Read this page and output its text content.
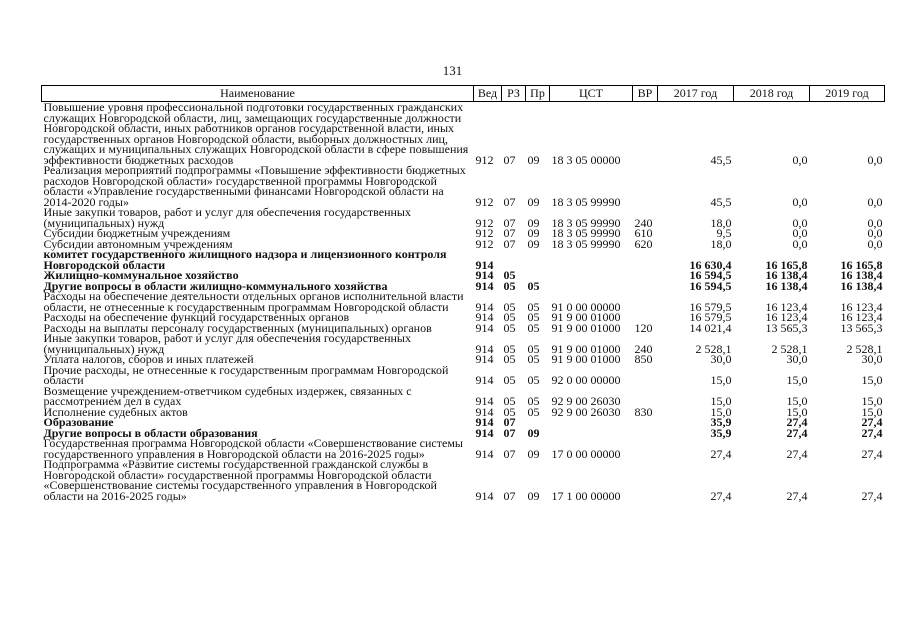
131
Наименование	Вед	РЗ	Пр	ЦСТ	ВР	2017 год	2018 год	2019 год
Повышение уровня профессиональной подготовки государственных гражданских служащих Новгородской области, лиц, замещающих государственные должности Новгородской области, иных работников органов государственной власти, иных государственных органов Новгородской области, выборных должностных лиц, служащих и муниципальных служащих Новгородской области в сфере повышения эффективности бюджетных расходов	912	07	09	18 3 05 00000		45,5	0,0	0,0
Реализация мероприятий подпрограммы «Повышение эффективности бюджетных расходов Новгородской области» государственной программы Новгородской области «Управление государственными финансами Новгородской области на 2014-2020 годы»	912	07	09	18 3 05 99990		45,5	0,0	0,0
Иные закупки товаров, работ и услуг для обеспечения государственных (муниципальных) нужд	912	07	09	18 3 05 99990	240	18,0	0,0	0,0
Субсидии бюджетным учреждениям	912	07	09	18 3 05 99990	610	9,5	0,0	0,0
Субсидии автономным учреждениям	912	07	09	18 3 05 99990	620	18,0	0,0	0,0
комитет государственного жилищного надзора и лицензионного контроля Новгородской области	914					16 630,4	16 165,8	16 165,8
Жилищно-коммунальное хозяйство	914	05				16 594,5	16 138,4	16 138,4
Другие вопросы в области жилищно-коммунального хозяйства	914	05	05			16 594,5	16 138,4	16 138,4
Расходы на обеспечение деятельности отдельных органов исполнительной власти области, не отнесенные к государственным программам Новгородской области	914	05	05	91 0 00 00000		16 579,5	16 123,4	16 123,4
Расходы на обеспечение функций государственных органов	914	05	05	91 9 00 01000		16 579,5	16 123,4	16 123,4
Расходы на выплаты персоналу государственных (муниципальных) органов	914	05	05	91 9 00 01000	120	14 021,4	13 565,3	13 565,3
Иные закупки товаров, работ и услуг для обеспечения государственных (муниципальных) нужд	914	05	05	91 9 00 01000	240	2 528,1	2 528,1	2 528,1
Уплата налогов, сборов и иных платежей	914	05	05	91 9 00 01000	850	30,0	30,0	30,0
Прочие расходы, не отнесенные к государственным программам Новгородской области	914	05	05	92 0 00 00000		15,0	15,0	15,0
Возмещение учреждением-ответчиком судебных издержек, связанных с рассмотрением дел в судах	914	05	05	92 9 00 26030		15,0	15,0	15,0
Исполнение судебных актов	914	05	05	92 9 00 26030	830	15,0	15,0	15,0
Образование	914	07				35,9	27,4	27,4
Другие вопросы в области образования	914	07	09			35,9	27,4	27,4
Государственная программа Новгородской области «Совершенствование системы государственного управления в Новгородской области на 2016-2025 годы»	914	07	09	17 0 00 00000		27,4	27,4	27,4
Подпрограмма «Развитие системы государственной гражданской службы в Новгородской области» государственной программы Новгородской области «Совершенствование системы государственного управления в Новгородской области на 2016-2025 годы»	914	07	09	17 1 00 00000		27,4	27,4	27,4
